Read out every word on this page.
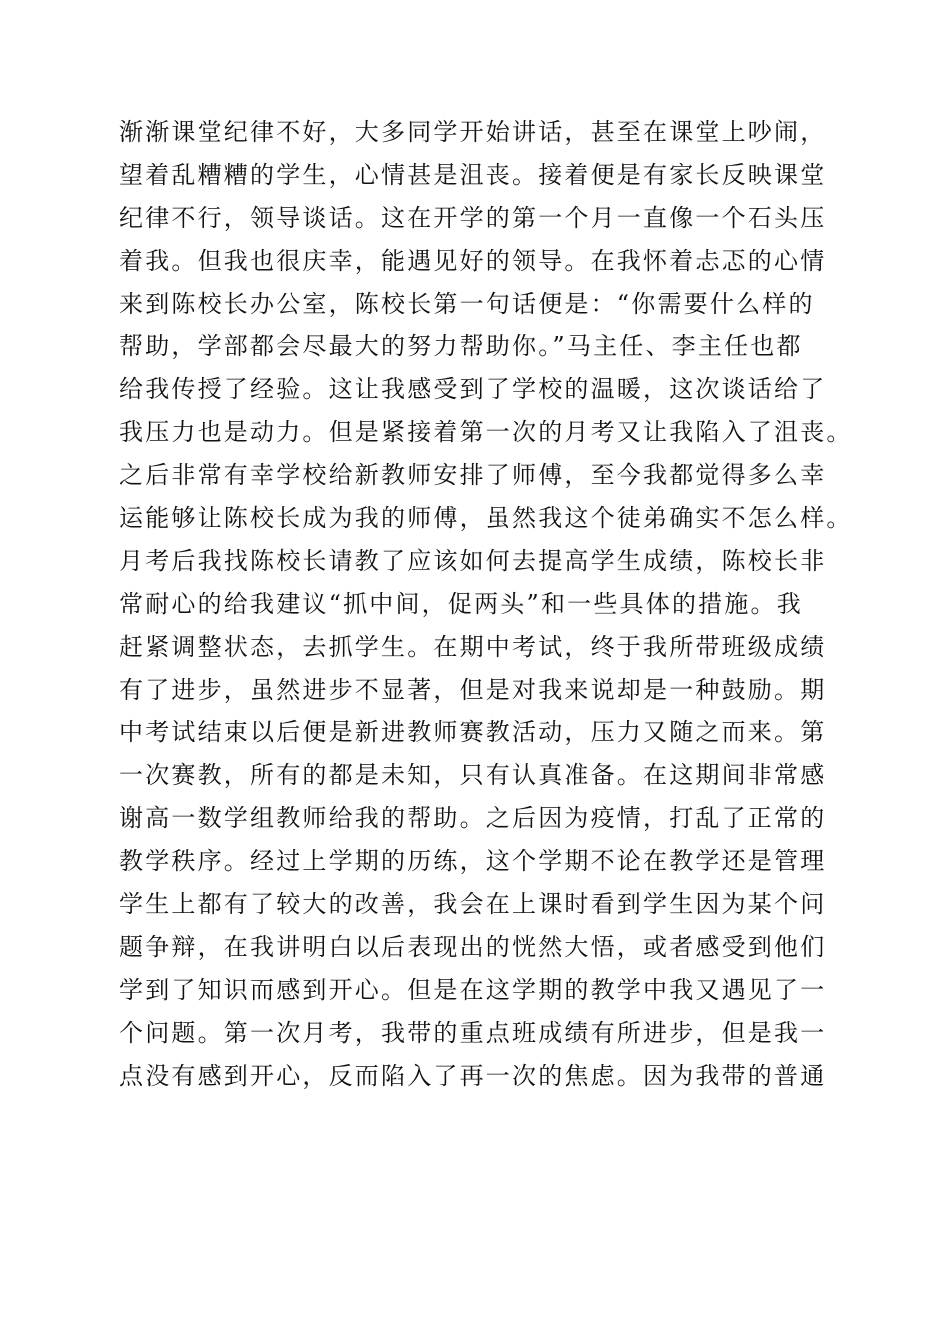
渐渐课堂纪律不好，大多同学开始讲话，甚至在课堂上吵闹，
望着乱糟糟的学生，心情甚是沮丧。接着便是有家长反映课堂
纪律不行，领导谈话。这在开学的第一个月一直像一个石头压
着我。但我也很庆幸，能遇见好的领导。在我怀着忐忑的心情
来到陈校长办公室，陈校长第一句话便是：“你需要什么样的
帮助，学部都会尽最大的努力帮助你。”马主任、李主任也都
给我传授了经验。这让我感受到了学校的温暖，这次谈话给了
我压力也是动力。但是紧接着第一次的月考又让我陷入了沮丧。
之后非常有幸学校给新教师安排了师傅，至今我都觉得多么幸
运能够让陈校长成为我的师傅，虽然我这个徒弟确实不怎么样。
月考后我找陈校长请教了应该如何去提高学生成绩，陈校长非
常耐心的给我建议“抓中间，促两头”和一些具体的措施。我
赶紧调整状态，去抓学生。在期中考试，终于我所带班级成绩
有了进步，虽然进步不显著，但是对我来说却是一种鼓励。期
中考试结束以后便是新进教师赛教活动，压力又随之而来。第
一次赛教，所有的都是未知，只有认真准备。在这期间非常感
谢高一数学组教师给我的帮助。之后因为疫情，打乱了正常的
教学秩序。经过上学期的历练，这个学期不论在教学还是管理
学生上都有了较大的改善，我会在上课时看到学生因为某个问
题争辩，在我讲明白以后表现出的恍然大悟，或者感受到他们
学到了知识而感到开心。但是在这学期的教学中我又遇见了一
个问题。第一次月考，我带的重点班成绩有所进步，但是我一
点没有感到开心，反而陷入了再一次的焦虑。因为我带的普通
